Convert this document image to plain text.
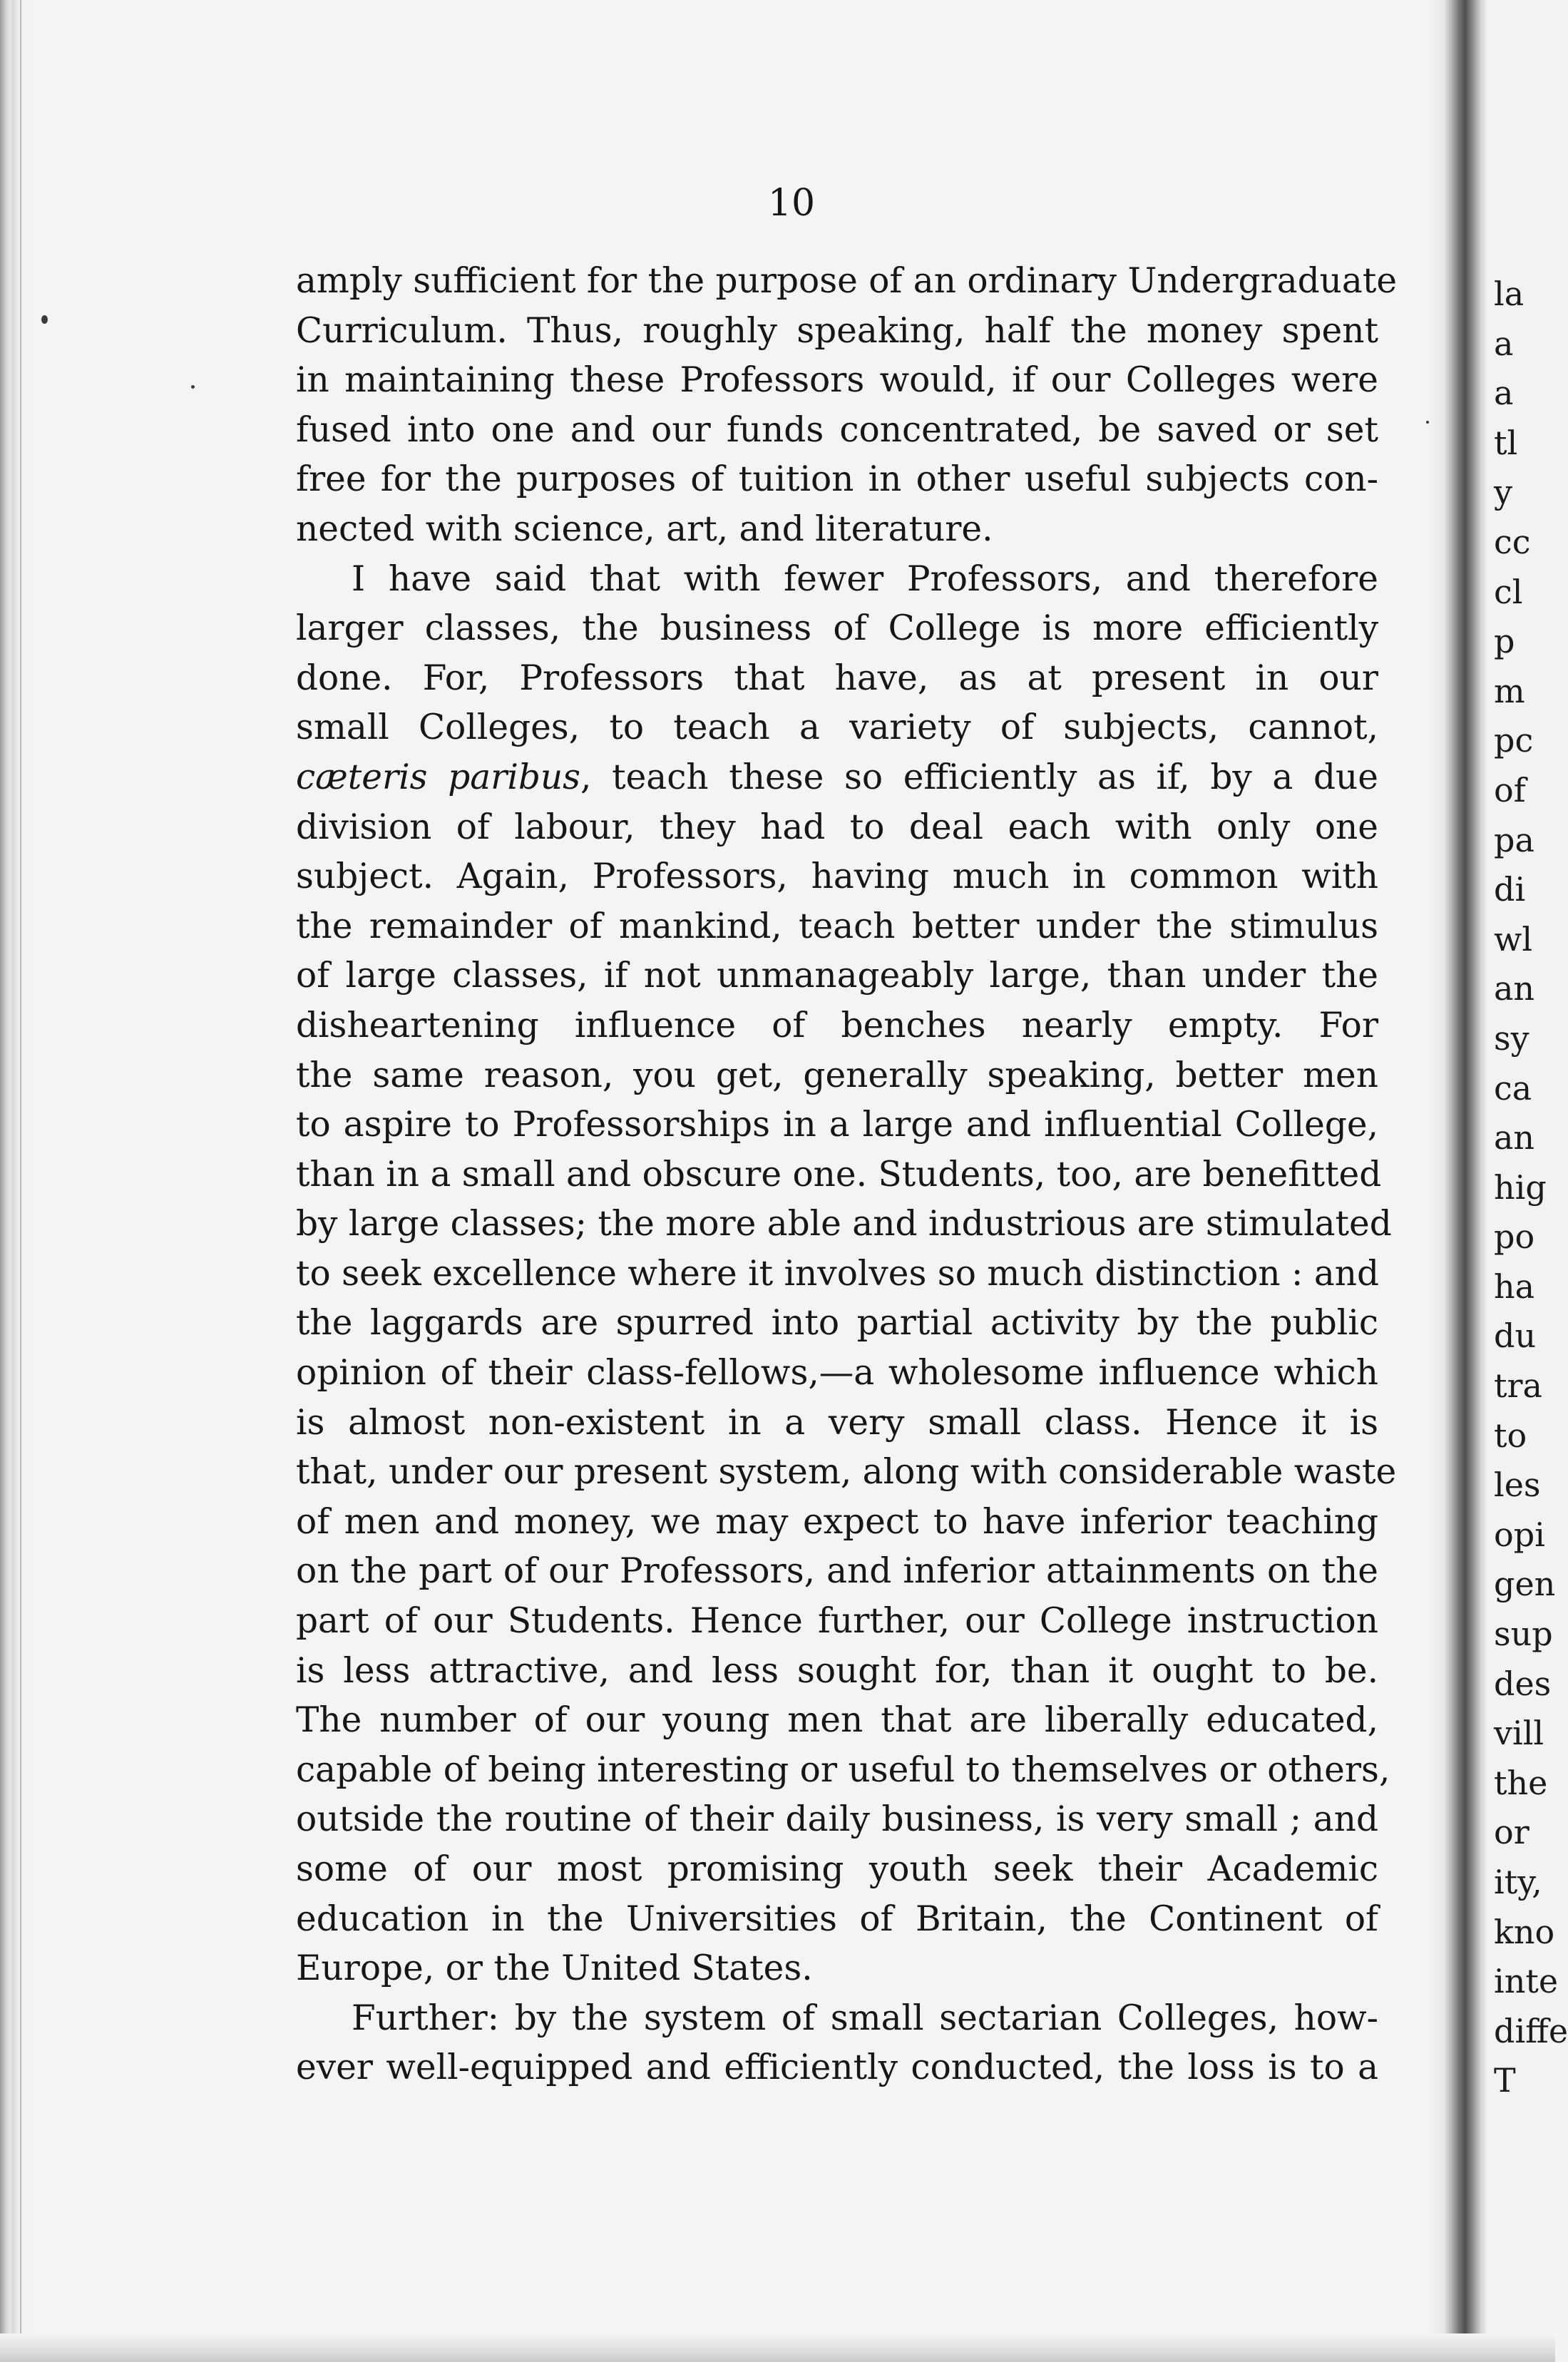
10
amply sufficient for the purpose of an ordinary Undergraduate
Curriculum. Thus, roughly speaking, half the money spent
in maintaining these Professors would, if our Colleges were
fused into one and our funds concentrated, be saved or set
free for the purposes of tuition in other useful subjects con-
nected with science, art, and literature.
I have said that with fewer Professors, and therefore
larger classes, the business of College is more efficiently
done. For, Professors that have, as at present in our
small Colleges, to teach a variety of subjects, cannot,
cæteris paribus, teach these so efficiently as if, by a due
division of labour, they had to deal each with only one
subject. Again, Professors, having much in common with
the remainder of mankind, teach better under the stimulus
of large classes, if not unmanageably large, than under the
disheartening influence of benches nearly empty. For
the same reason, you get, generally speaking, better men
to aspire to Professorships in a large and influential College,
than in a small and obscure one. Students, too, are benefitted
by large classes; the more able and industrious are stimulated
to seek excellence where it involves so much distinction : and
the laggards are spurred into partial activity by the public
opinion of their class-fellows,—a wholesome influence which
is almost non-existent in a very small class. Hence it is
that, under our present system, along with considerable waste
of men and money, we may expect to have inferior teaching
on the part of our Professors, and inferior attainments on the
part of our Students. Hence further, our College instruction
is less attractive, and less sought for, than it ought to be.
The number of our young men that are liberally educated,
capable of being interesting or useful to themselves or others,
outside the routine of their daily business, is very small ; and
some of our most promising youth seek their Academic
education in the Universities of Britain, the Continent of
Europe, or the United States.
Further: by the system of small sectarian Colleges, how-
ever well-equipped and efficiently conducted, the loss is to a
la
a
a
tl
y
cc
cl
p
m
pc
of
pa
di
wl
an
sy
ca
an
hig
po
ha
du
tra
to
les
opi
gen
sup
des
vill
the
or
ity,
kno
inte
diffe
T
